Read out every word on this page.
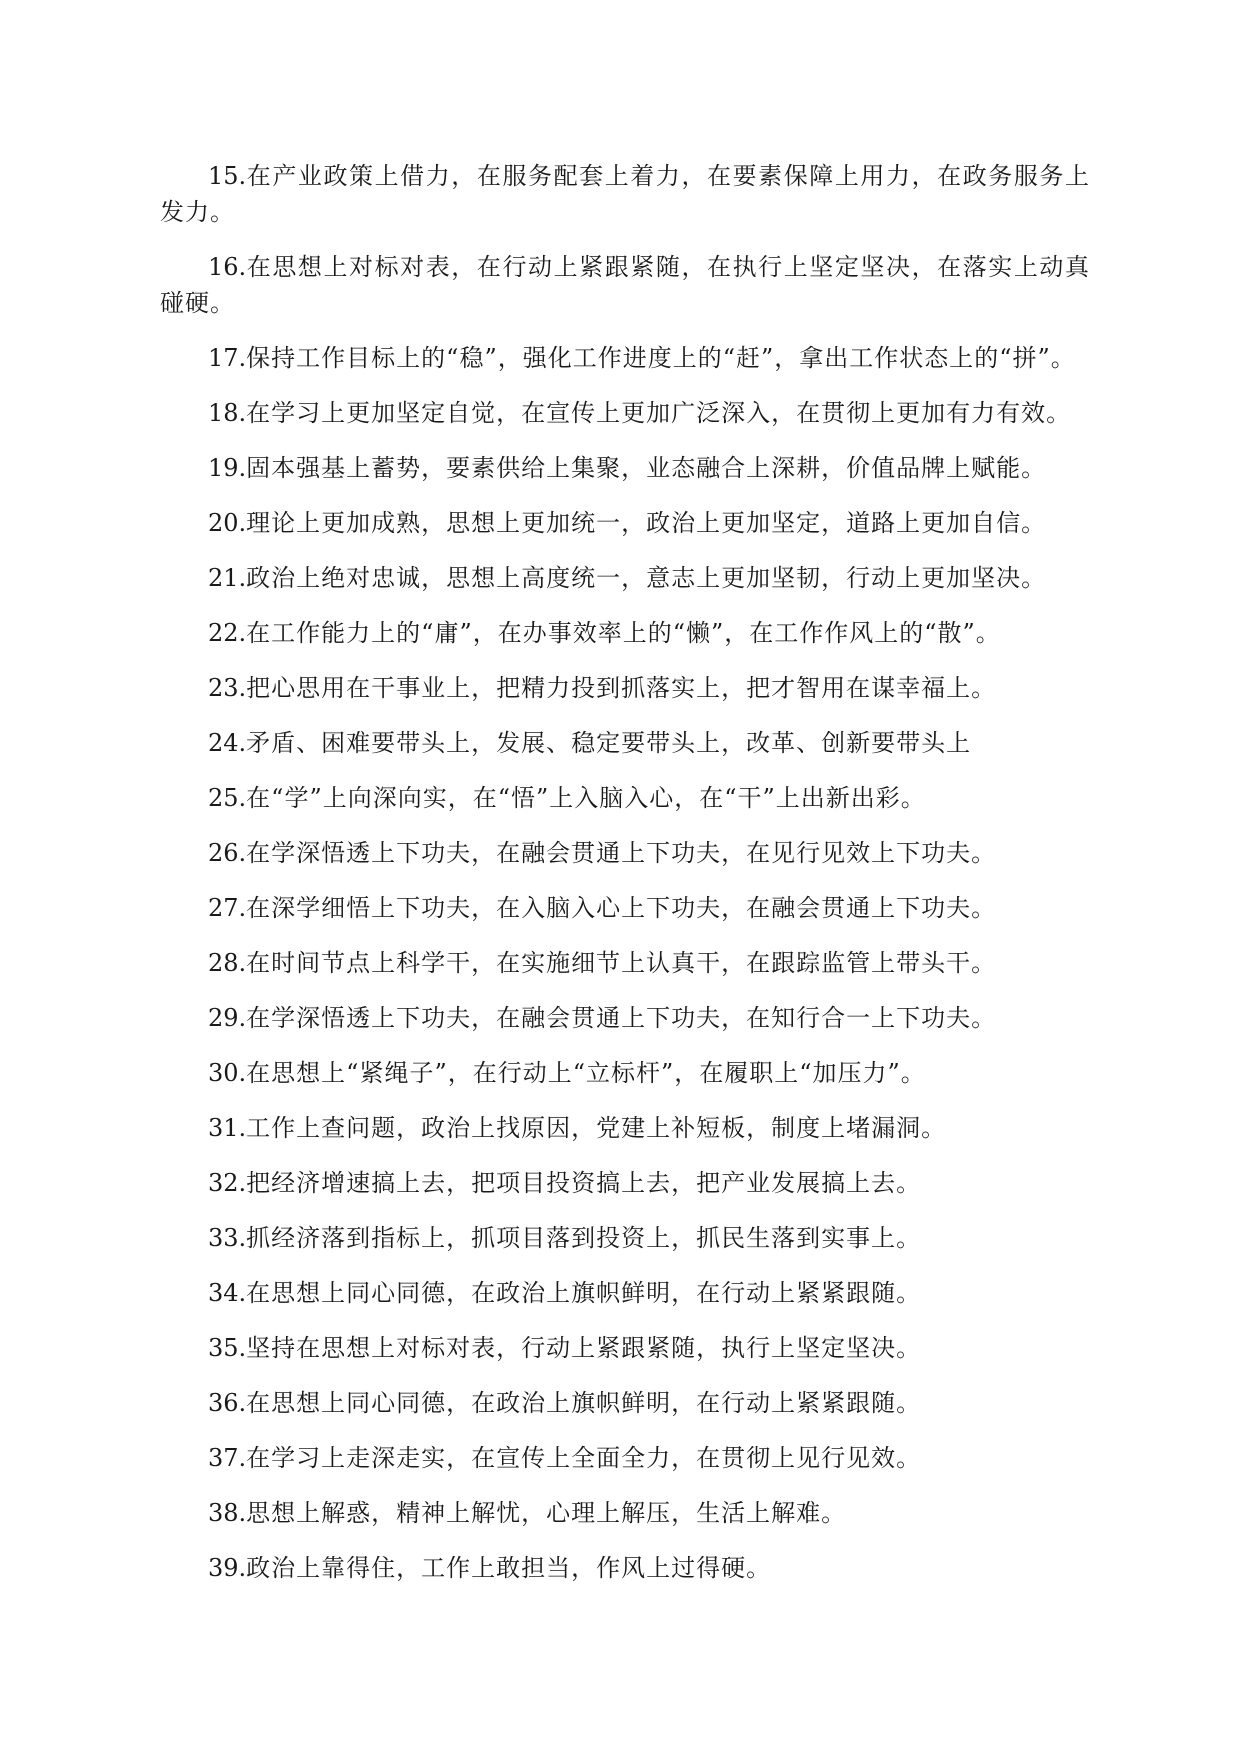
15.在产业政策上借力，在服务配套上着力，在要素保障上用力，在政务服务上发力。

16.在思想上对标对表，在行动上紧跟紧随，在执行上坚定坚决，在落实上动真碰硬。

17.保持工作目标上的“稳”，强化工作进度上的“赶”，拿出工作状态上的“拼”。

18.在学习上更加坚定自觉，在宣传上更加广泛深入，在贯彻上更加有力有效。

19.固本强基上蓄势，要素供给上集聚，业态融合上深耕，价值品牌上赋能。

20.理论上更加成熟，思想上更加统一，政治上更加坚定，道路上更加自信。

21.政治上绝对忠诚，思想上高度统一，意志上更加坚韧，行动上更加坚决。

22.在工作能力上的“庸”，在办事效率上的“懒”，在工作作风上的“散”。

23.把心思用在干事业上，把精力投到抓落实上，把才智用在谋幸福上。

24.矛盾、困难要带头上，发展、稳定要带头上，改革、创新要带头上

25.在“学”上向深向实，在“悟”上入脑入心，在“干”上出新出彩。

26.在学深悟透上下功夫，在融会贯通上下功夫，在见行见效上下功夫。

27.在深学细悟上下功夫，在入脑入心上下功夫，在融会贯通上下功夫。

28.在时间节点上科学干，在实施细节上认真干，在跟踪监管上带头干。

29.在学深悟透上下功夫，在融会贯通上下功夫，在知行合一上下功夫。

30.在思想上“紧绳子”，在行动上“立标杆”，在履职上“加压力”。

31.工作上查问题，政治上找原因，党建上补短板，制度上堵漏洞。

32.把经济增速搞上去，把项目投资搞上去，把产业发展搞上去。

33.抓经济落到指标上，抓项目落到投资上，抓民生落到实事上。

34.在思想上同心同德，在政治上旗帜鲜明，在行动上紧紧跟随。

35.坚持在思想上对标对表，行动上紧跟紧随，执行上坚定坚决。

36.在思想上同心同德，在政治上旗帜鲜明，在行动上紧紧跟随。

37.在学习上走深走实，在宣传上全面全力，在贯彻上见行见效。

38.思想上解惑，精神上解忧，心理上解压，生活上解难。

39.政治上靠得住，工作上敢担当，作风上过得硬。
